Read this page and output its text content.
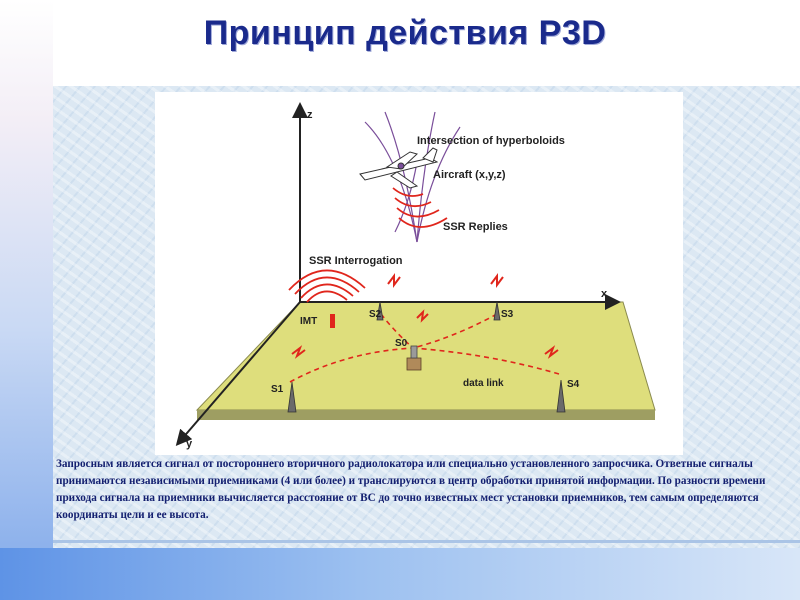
Принцип действия P3D
z
x
y
Intersection of hyperboloids
Aircraft (x,y,z)
SSR Replies
SSR Interrogation
IMT
S0
S1
S2	S3
S4
data link
Запросным является сигнал от постороннего вторичного радиолокатора или специально установленного запросчика. Ответные сигналы принимаются независимыми приемниками (4 или более) и транслируются в центр обработки принятой информации. По разности времени прихода сигнала на приемники вычисляется расстояние от ВС до точно известных мест установки приемников, тем самым определяются координаты цели и ее высота.
